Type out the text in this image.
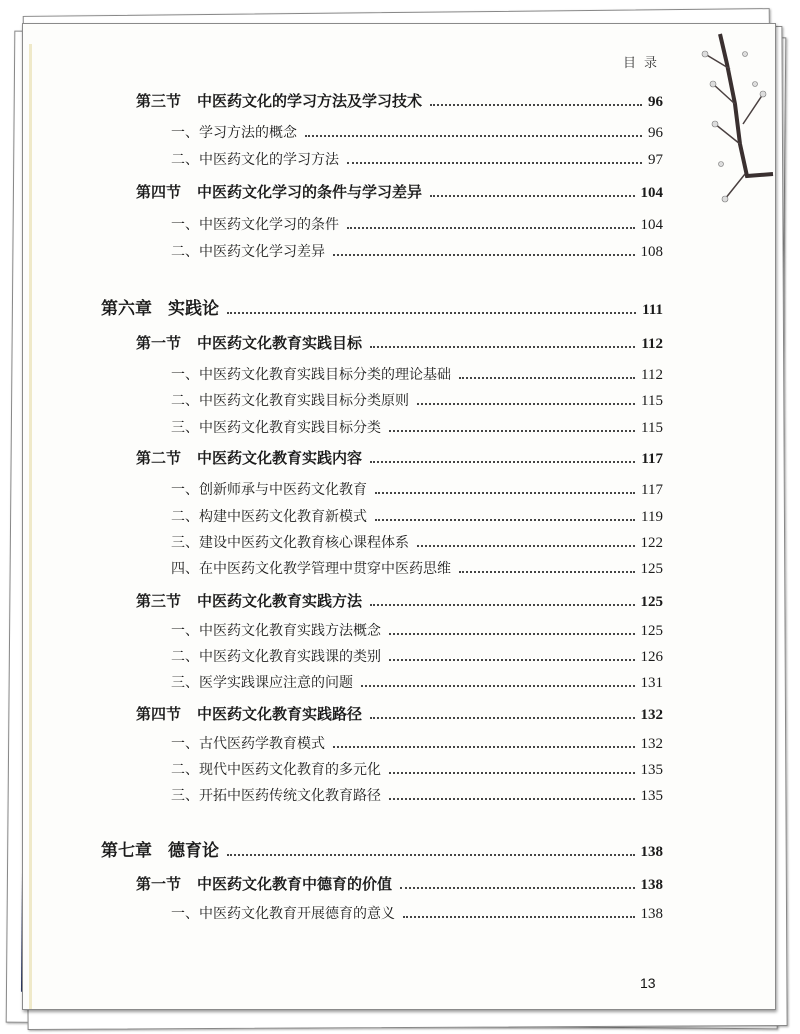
目录
第三节 中医药文化的学习方法及学习技术	96
一、学习方法的概念	96
二、中医药文化的学习方法	97
第四节 中医药文化学习的条件与学习差异	104
一、中医药文化学习的条件	104
二、中医药文化学习差异	108
第六章 实践论	111
第一节 中医药文化教育实践目标	112
一、中医药文化教育实践目标分类的理论基础	112
二、中医药文化教育实践目标分类原则	115
三、中医药文化教育实践目标分类	115
第二节 中医药文化教育实践内容	117
一、创新师承与中医药文化教育	117
二、构建中医药文化教育新模式	119
三、建设中医药文化教育核心课程体系	122
四、在中医药文化教学管理中贯穿中医药思维	125
第三节 中医药文化教育实践方法	125
一、中医药文化教育实践方法概念	125
二、中医药文化教育实践课的类别	126
三、医学实践课应注意的问题	131
第四节 中医药文化教育实践路径	132
一、古代医药学教育模式	132
二、现代中医药文化教育的多元化	135
三、开拓中医药传统文化教育路径	135
第七章 德育论	138
第一节 中医药文化教育中德育的价值	138
一、中医药文化教育开展德育的意义	138
13
